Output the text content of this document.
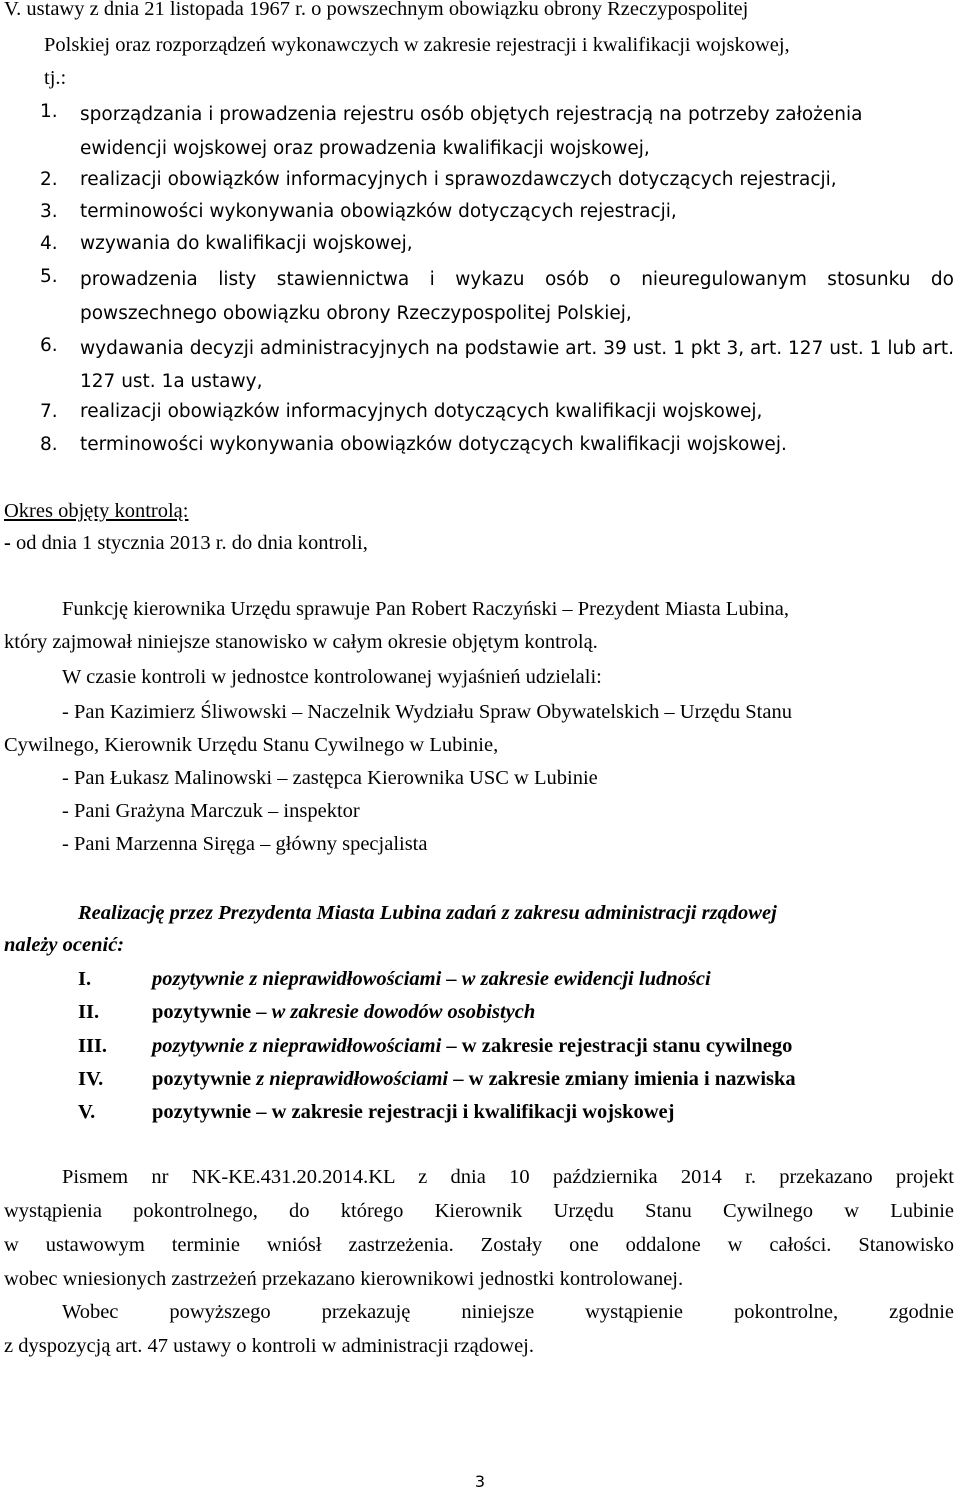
V. ustawy z dnia 21 listopada 1967 r. o powszechnym obowiązku obrony Rzeczypospolitej
Polskiej oraz rozporządzeń wykonawczych w zakresie rejestracji i kwalifikacji wojskowej,
tj.:
1.	sporządzania i prowadzenia rejestru osób objętych rejestracją na potrzeby założenia ewidencji wojskowej oraz prowadzenia kwalifikacji wojskowej,
2.	realizacji obowiązków informacyjnych i sprawozdawczych dotyczących rejestracji,
3.	terminowości wykonywania obowiązków dotyczących rejestracji,
4.	wzywania do kwalifikacji wojskowej,
5.	prowadzenia listy stawiennictwa i wykazu osób o nieuregulowanym stosunku do powszechnego obowiązku obrony Rzeczypospolitej Polskiej,
6.	wydawania decyzji administracyjnych na podstawie art. 39 ust. 1 pkt 3, art. 127 ust. 1 lub art. 127 ust. 1a ustawy,
7.	realizacji obowiązków informacyjnych dotyczących kwalifikacji wojskowej,
8.	terminowości wykonywania obowiązków dotyczących kwalifikacji wojskowej.
Okres objęty kontrolą:
- od dnia 1 stycznia 2013 r. do dnia kontroli,
Funkcję kierownika Urzędu sprawuje Pan Robert Raczyński – Prezydent Miasta Lubina,
który zajmował niniejsze stanowisko w całym okresie objętym kontrolą.
W czasie kontroli w jednostce kontrolowanej wyjaśnień udzielali:
- Pan Kazimierz Śliwowski – Naczelnik Wydziału Spraw Obywatelskich – Urzędu Stanu
Cywilnego, Kierownik Urzędu Stanu Cywilnego w Lubinie,
- Pan Łukasz Malinowski – zastępca Kierownika USC w Lubinie
- Pani Grażyna Marczuk – inspektor
- Pani Marzenna Siręga – główny specjalista
Realizację przez Prezydenta Miasta Lubina zadań z zakresu administracji rządowej
należy ocenić:
I.	pozytywnie z nieprawidłowościami – w zakresie ewidencji ludności
II.	pozytywnie – w zakresie dowodów osobistych
III. pozytywnie z nieprawidłowościami – w zakresie rejestracji stanu cywilnego
IV. pozytywnie z nieprawidłowościami – w zakresie zmiany imienia i nazwiska
V.	pozytywnie – w zakresie rejestracji i kwalifikacji wojskowej
Pismem nr NK-KE.431.20.2014.KL z dnia 10 października 2014 r. przekazano projekt
wystąpienia pokontrolnego, do którego Kierownik Urzędu Stanu Cywilnego w Lubinie
w ustawowym terminie wniósł zastrzeżenia. Zostały one oddalone w całości. Stanowisko
wobec wniesionych zastrzeżeń przekazano kierownikowi jednostki kontrolowanej.
Wobec powyższego przekazuję niniejsze wystąpienie pokontrolne, zgodnie
z dyspozycją art. 47 ustawy o kontroli w administracji rządowej.
3
